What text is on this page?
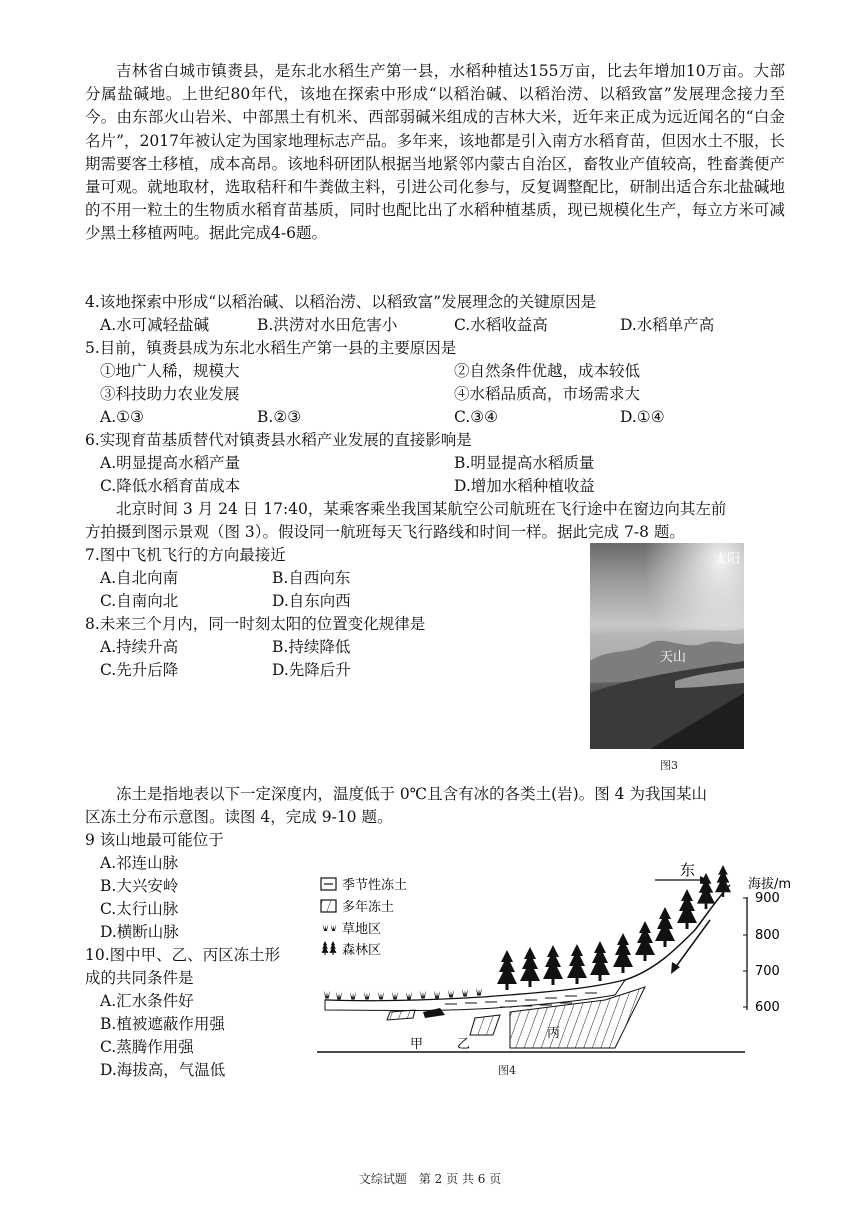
吉林省白城市镇赉县，是东北水稻生产第一县，水稻种植达155万亩，比去年增加10万亩。大部分属盐碱地。上世纪80年代，该地在探索中形成“以稻治碱、以稻治涝、以稻致富”发展理念接力至今。由东部火山岩米、中部黑土有机米、西部弱碱米组成的吉林大米，近年来正成为远近闻名的“白金名片”，2017年被认定为国家地理标志产品。多年来，该地都是引入南方水稻育苗，但因水土不服，长期需要客土移植，成本高昂。该地科研团队根据当地紧邻内蒙古自治区，畜牧业产值较高，牲畜粪便产量可观。就地取材，选取秸秆和牛粪做主料，引进公司化参与，反复调整配比，研制出适合东北盐碱地的不用一粒土的生物质水稻育苗基质，同时也配比出了水稻种植基质，现已规模化生产，每立方米可减少黑土移植两吨。据此完成4-6题。
4.该地探索中形成“以稻治碱、以稻治涝、以稻致富”发展理念的关键原因是
A.水可减轻盐碱	B.洪涝对水田危害小	C.水稻收益高	D.水稻单产高
5.目前，镇赉县成为东北水稻生产第一县的主要原因是
①地广人稀，规模大	②自然条件优越，成本较低
③科技助力农业发展	④水稻品质高，市场需求大
A.①③	B.②③	C.③④	D.①④
6.实现育苗基质替代对镇赉县水稻产业发展的直接影响是
A.明显提高水稻产量	B.明显提高水稻质量
C.降低水稻育苗成本	D.增加水稻种植收益
北京时间 3 月 24 日 17:40，某乘客乘坐我国某航空公司航班在飞行途中在窗边向其左前
方拍摄到图示景观（图 3）。假设同一航班每天飞行路线和时间一样。据此完成 7-8 题。
7.图中飞机飞行的方向最接近
A.自北向南	B.自西向东
C.自南向北	D.自东向西
8.未来三个月内，同一时刻太阳的位置变化规律是
A.持续升高	B.持续降低
C.先升后降	D.先降后升
太阳
天山
图3
冻土是指地表以下一定深度内，温度低于 0℃且含有冰的各类土(岩)。图 4 为我国某山
区冻土分布示意图。读图 4，完成 9-10 题。
9 该山地最可能位于
A.祁连山脉
B.大兴安岭
C.太行山脉
D.横断山脉
10.图中甲、乙、丙区冻土形
成的共同条件是
A.汇水条件好
B.植被遮蔽作用强
C.蒸腾作用强
D.海拔高，气温低
季节性冻土
多年冻土
草地区
森林区
东
海拔/m
900
800
700
600
甲	乙
丙
图4
文综试题　第 2 页 共 6 页
